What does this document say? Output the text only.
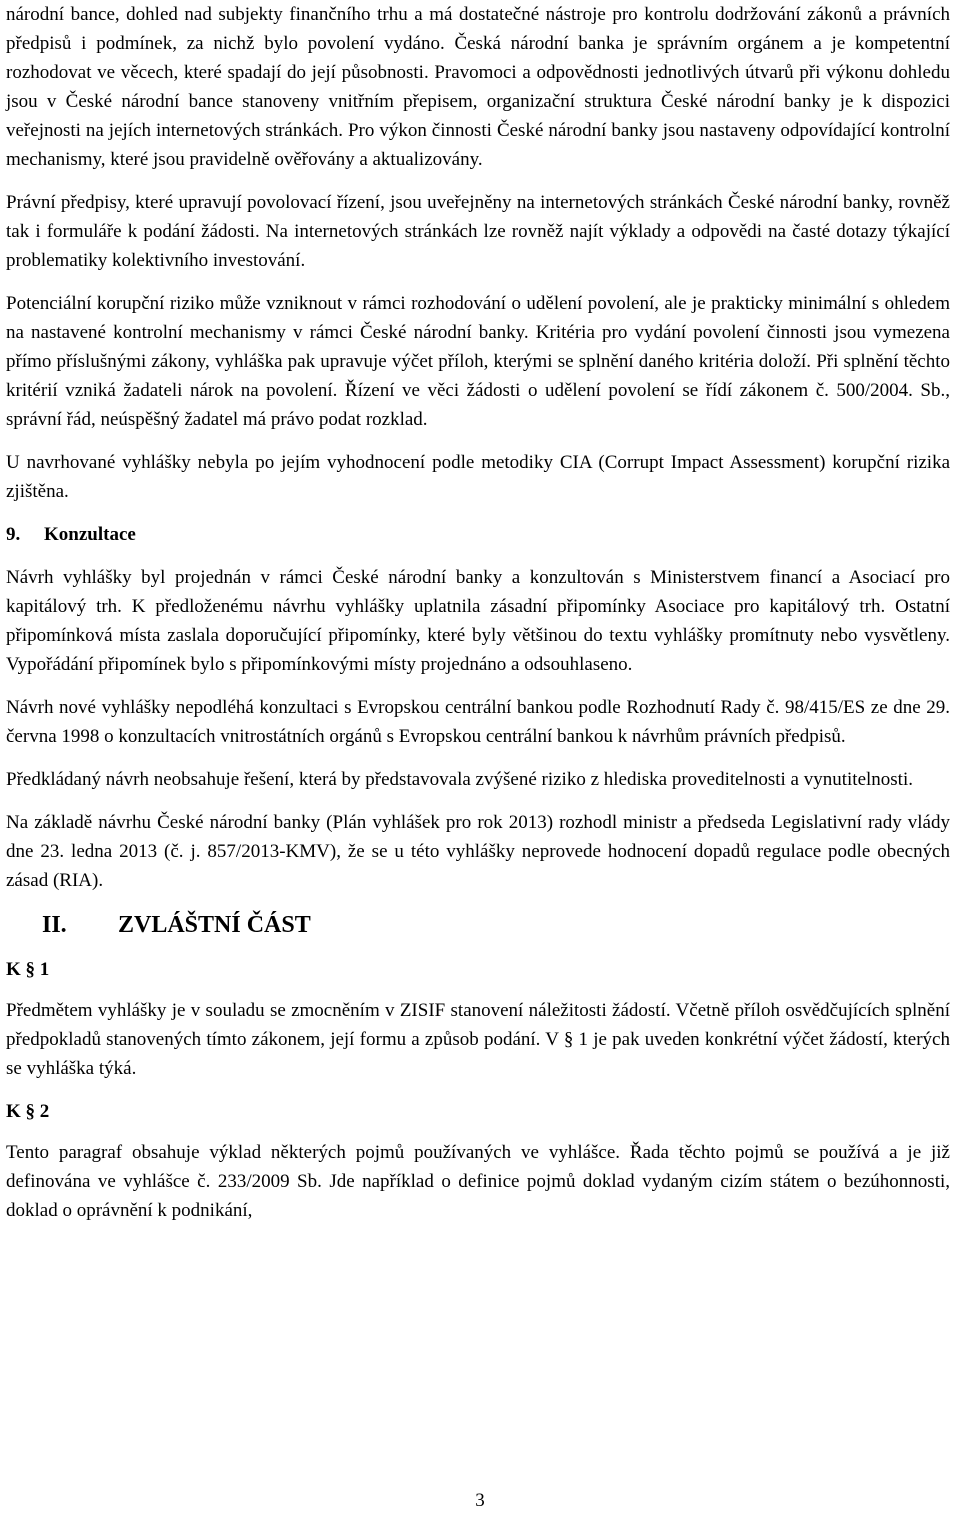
národní bance, dohled nad subjekty finančního trhu a má dostatečné nástroje pro kontrolu dodržování zákonů a právních předpisů i podmínek, za nichž bylo povolení vydáno. Česká národní banka je správním orgánem a je kompetentní rozhodovat ve věcech, které spadají do její působnosti. Pravomoci a odpovědnosti jednotlivých útvarů při výkonu dohledu jsou v České národní bance stanoveny vnitřním přepisem, organizační struktura České národní banky je k dispozici veřejnosti na jejích internetových stránkách. Pro výkon činnosti České národní banky jsou nastaveny odpovídající kontrolní mechanismy, které jsou pravidelně ověřovány a aktualizovány.

Právní předpisy, které upravují povolovací řízení, jsou uveřejněny na internetových stránkách České národní banky, rovněž tak i formuláře k podání žádosti. Na internetových stránkách lze rovněž najít výklady a odpovědi na časté dotazy týkající problematiky kolektivního investování.

Potenciální korupční riziko může vzniknout v rámci rozhodování o udělení povolení, ale je prakticky minimální s ohledem na nastavené kontrolní mechanismy v rámci České národní banky. Kritéria pro vydání povolení činnosti jsou vymezena přímo příslušnými zákony, vyhláška pak upravuje výčet příloh, kterými se splnění daného kritéria doloží. Při splnění těchto kritérií vzniká žadateli nárok na povolení. Řízení ve věci žádosti o udělení povolení se řídí zákonem č. 500/2004. Sb., správní řád, neúspěšný žadatel má právo podat rozklad.

U navrhované vyhlášky nebyla po jejím vyhodnocení podle metodiky CIA (Corrupt Impact Assessment) korupční rizika zjištěna.

9. Konzultace

Návrh vyhlášky byl projednán v rámci České národní banky a konzultován s Ministerstvem financí a Asociací pro kapitálový trh. K předloženému návrhu vyhlášky uplatnila zásadní připomínky Asociace pro kapitálový trh. Ostatní připomínková místa zaslala doporučující připomínky, které byly většinou do textu vyhlášky promítnuty nebo vysvětleny. Vypořádání připomínek bylo s připomínkovými místy projednáno a odsouhlaseno.

Návrh nové vyhlášky nepodléhá konzultaci s Evropskou centrální bankou podle Rozhodnutí Rady č. 98/415/ES ze dne 29. června 1998 o konzultacích vnitrostátních orgánů s Evropskou centrální bankou k návrhům právních předpisů.

Předkládaný návrh neobsahuje řešení, která by představovala zvýšené riziko z hlediska proveditelnosti a vynutitelnosti.

Na základě návrhu České národní banky (Plán vyhlášek pro rok 2013) rozhodl ministr a předseda Legislativní rady vlády dne 23. ledna 2013 (č. j. 857/2013-KMV), že se u této vyhlášky neprovede hodnocení dopadů regulace podle obecných zásad (RIA).

II. ZVLÁŠTNÍ ČÁST
K § 1

Předmětem vyhlášky je v souladu se zmocněním v ZISIF stanovení náležitosti žádostí. Včetně příloh osvědčujících splnění předpokladů stanovených tímto zákonem, její formu a způsob podání. V § 1 je pak uveden konkrétní výčet žádostí, kterých se vyhláška týká.

K § 2

Tento paragraf obsahuje výklad některých pojmů používaných ve vyhlášce. Řada těchto pojmů se používá a je již definována ve vyhlášce č. 233/2009 Sb. Jde například o definice pojmů doklad vydaným cizím státem o bezúhonnosti, doklad o oprávnění k podnikání,

3
